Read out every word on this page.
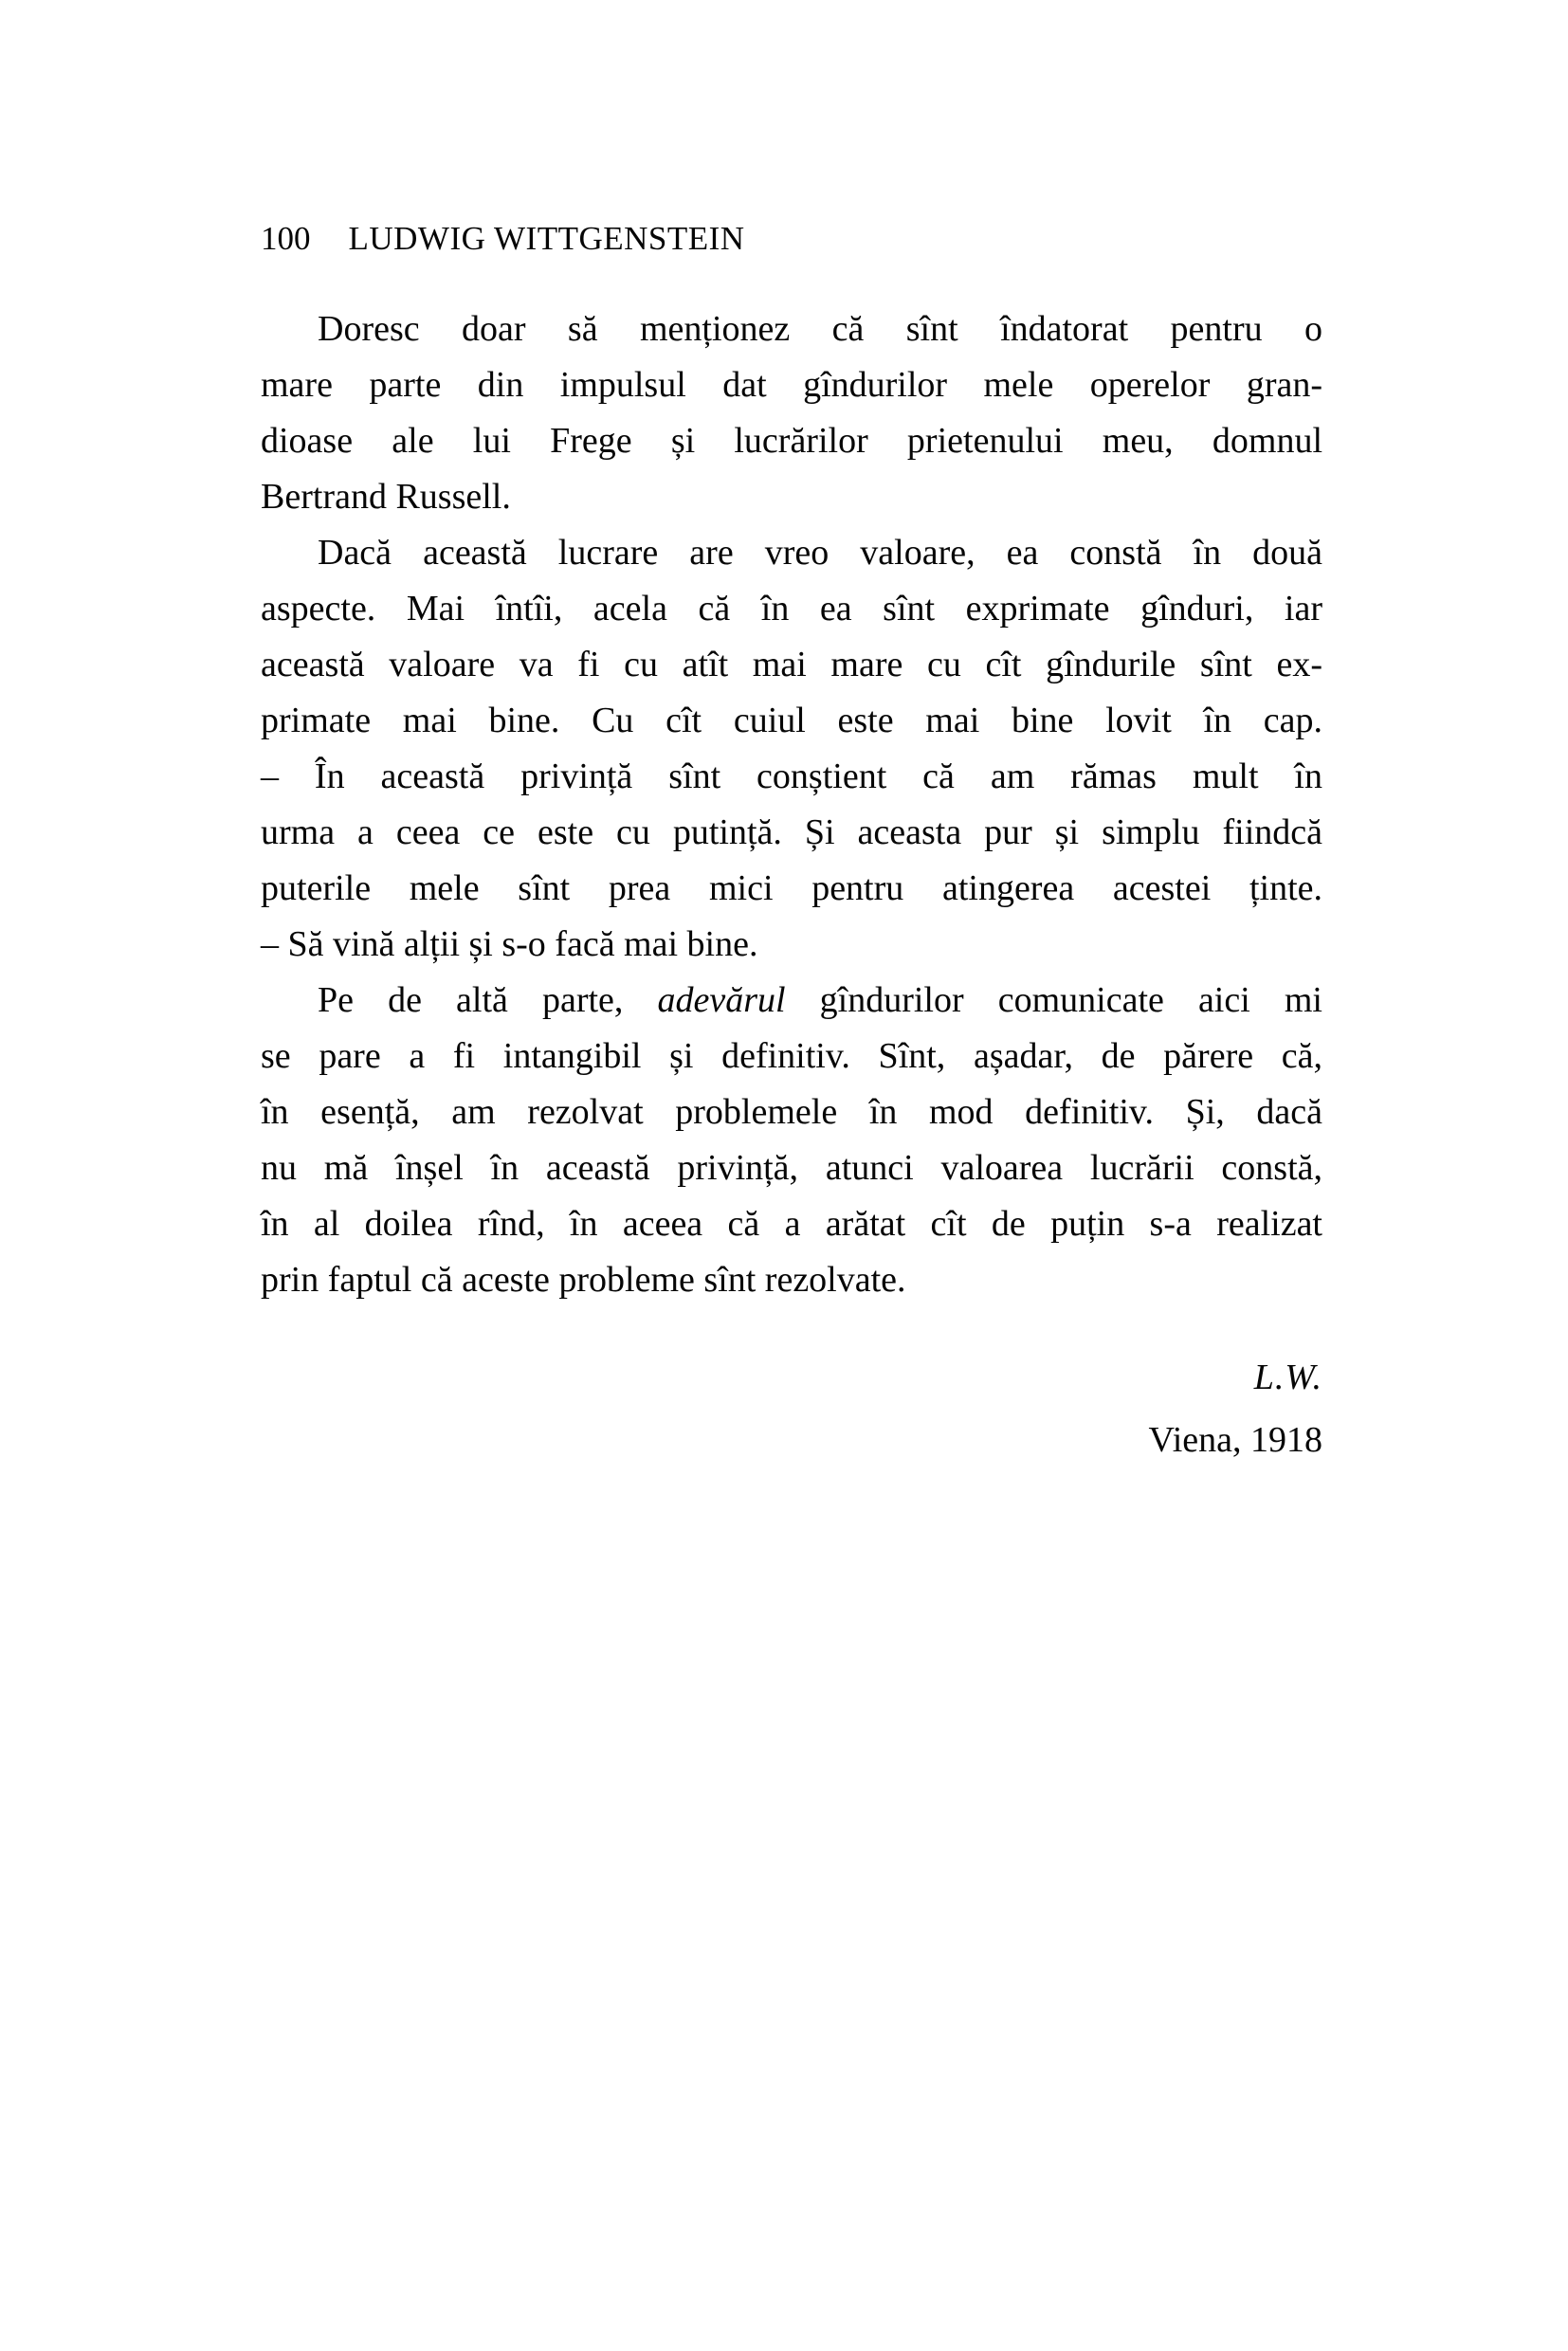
100 LUDWIG WITTGENSTEIN
Doresc doar să menționez că sînt îndatorat pentru o
mare parte din impulsul dat gîndurilor mele operelor gran-
dioase ale lui Frege și lucrărilor prietenului meu, domnul
Bertrand Russell.
Dacă această lucrare are vreo valoare, ea constă în două
aspecte. Mai întîi, acela că în ea sînt exprimate gînduri, iar
această valoare va fi cu atît mai mare cu cît gîndurile sînt ex-
primate mai bine. Cu cît cuiul este mai bine lovit în cap.
– În această privință sînt conștient că am rămas mult în
urma a ceea ce este cu putință. Și aceasta pur și simplu fiindcă
puterile mele sînt prea mici pentru atingerea acestei ținte.
– Să vină alții și s-o facă mai bine.
Pe de altă parte, adevărul gîndurilor comunicate aici mi
se pare a fi intangibil și definitiv. Sînt, așadar, de părere că,
în esență, am rezolvat problemele în mod definitiv. Și, dacă
nu mă înșel în această privință, atunci valoarea lucrării constă,
în al doilea rînd, în aceea că a arătat cît de puțin s-a realizat
prin faptul că aceste probleme sînt rezolvate.
L.W.
Viena, 1918
